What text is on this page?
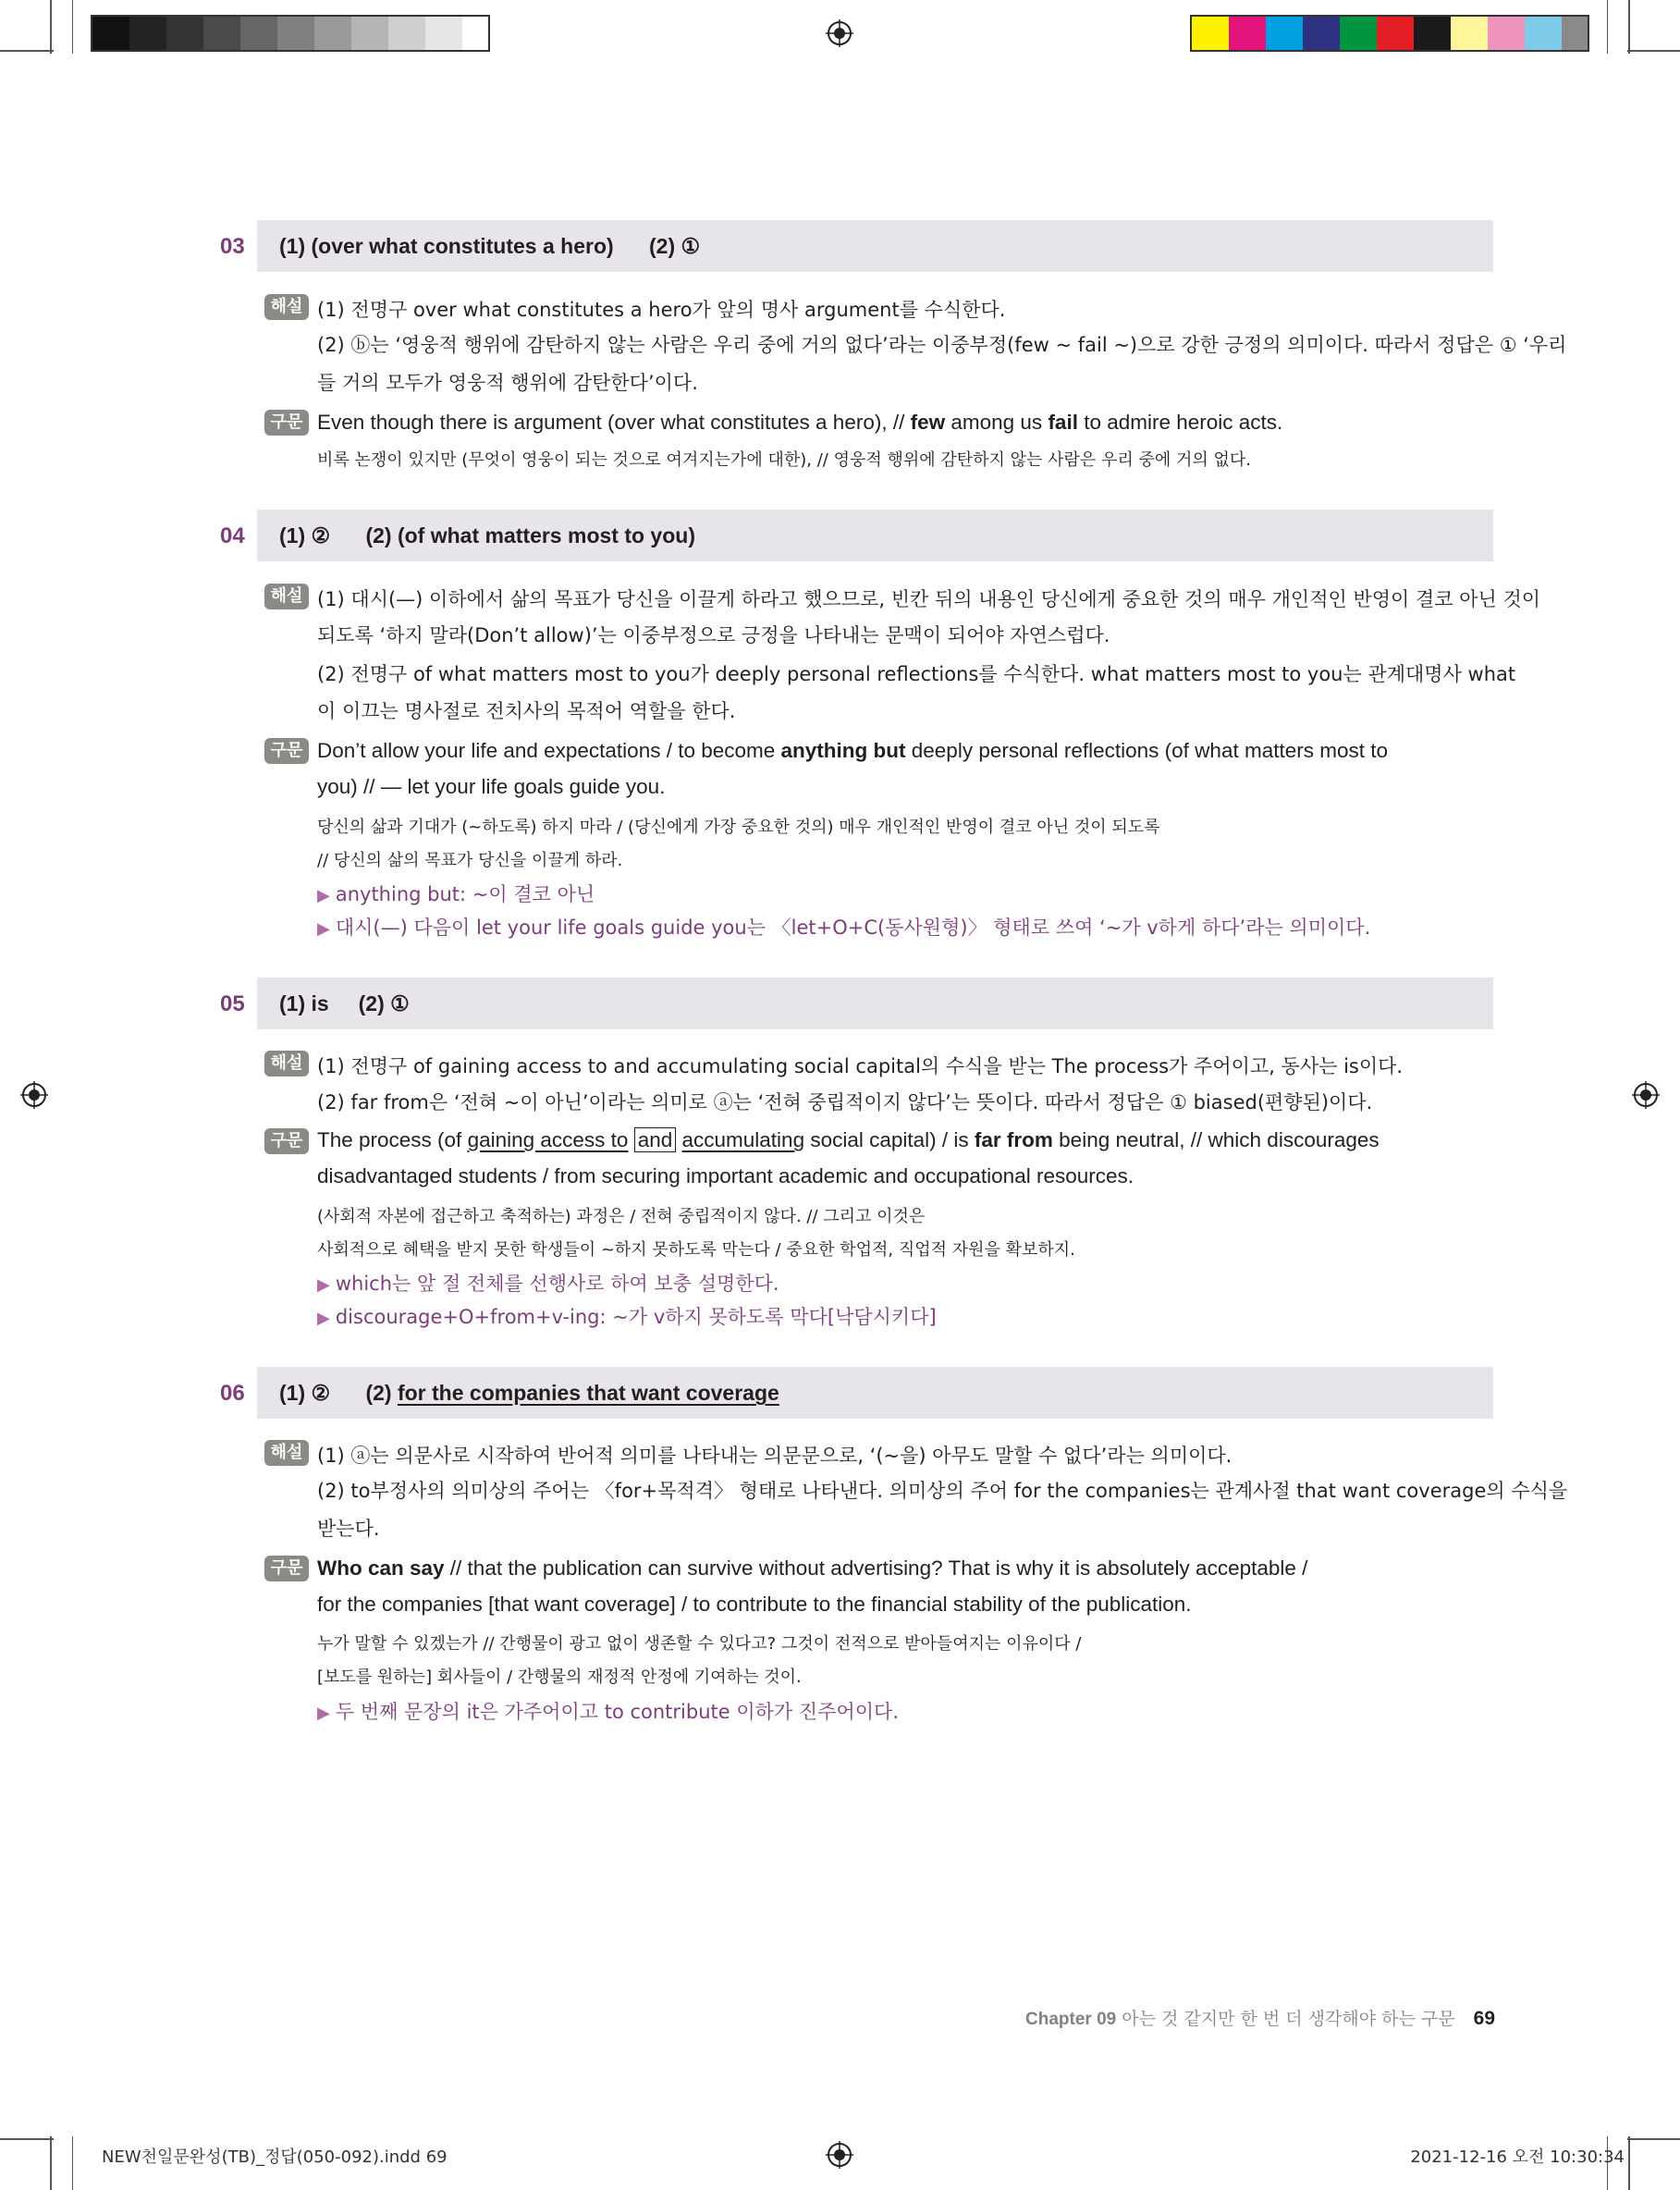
03 (1) (over what constitutes a hero) (2) ①
해설 (1) 전명구 over what constitutes a hero가 앞의 명사 argument를 수식한다.
(2) ⓑ는 ‘영웅적 행위에 감탄하지 않는 사람은 우리 중에 거의 없다’라는 이중부정(few ~ fail ~)으로 강한 긍정의 의미이다. 따라서 정답은 ① ‘우리
들 거의 모두가 영웅적 행위에 감탄한다’이다.
구문 Even though there is argument (over what constitutes a hero), // few among us fail to admire heroic acts.
비록 논쟁이 있지만 (무엇이 영웅이 되는 것으로 여겨지는가에 대한), // 영웅적 행위에 감탄하지 않는 사람은 우리 중에 거의 없다.
04 (1) ② (2) (of what matters most to you)
해설 (1) 대시(—) 이하에서 삶의 목표가 당신을 이끌게 하라고 했으므로, 빈칸 뒤의 내용인 당신에게 중요한 것의 매우 개인적인 반영이 결코 아닌 것이
되도록 ‘하지 말라(Don’t allow)’는 이중부정으로 긍정을 나타내는 문맥이 되어야 자연스럽다.
(2) 전명구 of what matters most to you가 deeply personal reflections를 수식한다. what matters most to you는 관계대명사 what
이 이끄는 명사절로 전치사의 목적어 역할을 한다.
구문 Don’t allow your life and expectations / to become anything but deeply personal reflections (of what matters most to
you) // — let your life goals guide you.
당신의 삶과 기대가 (~하도록) 하지 마라 / (당신에게 가장 중요한 것의) 매우 개인적인 반영이 결코 아닌 것이 되도록
// 당신의 삶의 목표가 당신을 이끌게 하라.
▶ anything but: ~이 결코 아닌
▶ 대시(—) 다음이 let your life goals guide you는 〈let+O+C(동사원형)〉 형태로 쓰여 ‘~가 v하게 하다’라는 의미이다.
05 (1) is (2) ①
해설 (1) 전명구 of gaining access to and accumulating social capital의 수식을 받는 The process가 주어이고, 동사는 is이다.
(2) far from은 ‘전혀 ~이 아닌’이라는 의미로 ⓐ는 ‘전혀 중립적이지 않다’는 뜻이다. 따라서 정답은 ① biased(편향된)이다.
구문 The process (of gaining access to and accumulating social capital) / is far from being neutral, // which discourages
disadvantaged students / from securing important academic and occupational resources.
(사회적 자본에 접근하고 축적하는) 과정은 / 전혀 중립적이지 않다. // 그리고 이것은
사회적으로 혜택을 받지 못한 학생들이 ~하지 못하도록 막는다 / 중요한 학업적, 직업적 자원을 확보하지.
▶ which는 앞 절 전체를 선행사로 하여 보충 설명한다.
▶ discourage+O+from+v-ing: ~가 v하지 못하도록 막다[낙담시키다]
06 (1) ② (2) for the companies that want coverage
해설 (1) ⓐ는 의문사로 시작하여 반어적 의미를 나타내는 의문문으로, ‘(~을) 아무도 말할 수 없다’라는 의미이다.
(2) to부정사의 의미상의 주어는 〈for+목적격〉 형태로 나타낸다. 의미상의 주어 for the companies는 관계사절 that want coverage의 수식을
받는다.
구문 Who can say // that the publication can survive without advertising? That is why it is absolutely acceptable /
for the companies [that want coverage] / to contribute to the financial stability of the publication.
누가 말할 수 있겠는가 // 간행물이 광고 없이 생존할 수 있다고? 그것이 전적으로 받아들여지는 이유이다 /
[보도를 원하는] 회사들이 / 간행물의 재정적 안정에 기여하는 것이.
▶ 두 번째 문장의 it은 가주어이고 to contribute 이하가 진주어이다.
Chapter 09 아는 것 같지만 한 번 더 생각해야 하는 구문 69
NEW천일문완성(TB)_정답(050-092).indd 69	2021-12-16 오전 10:30:34
